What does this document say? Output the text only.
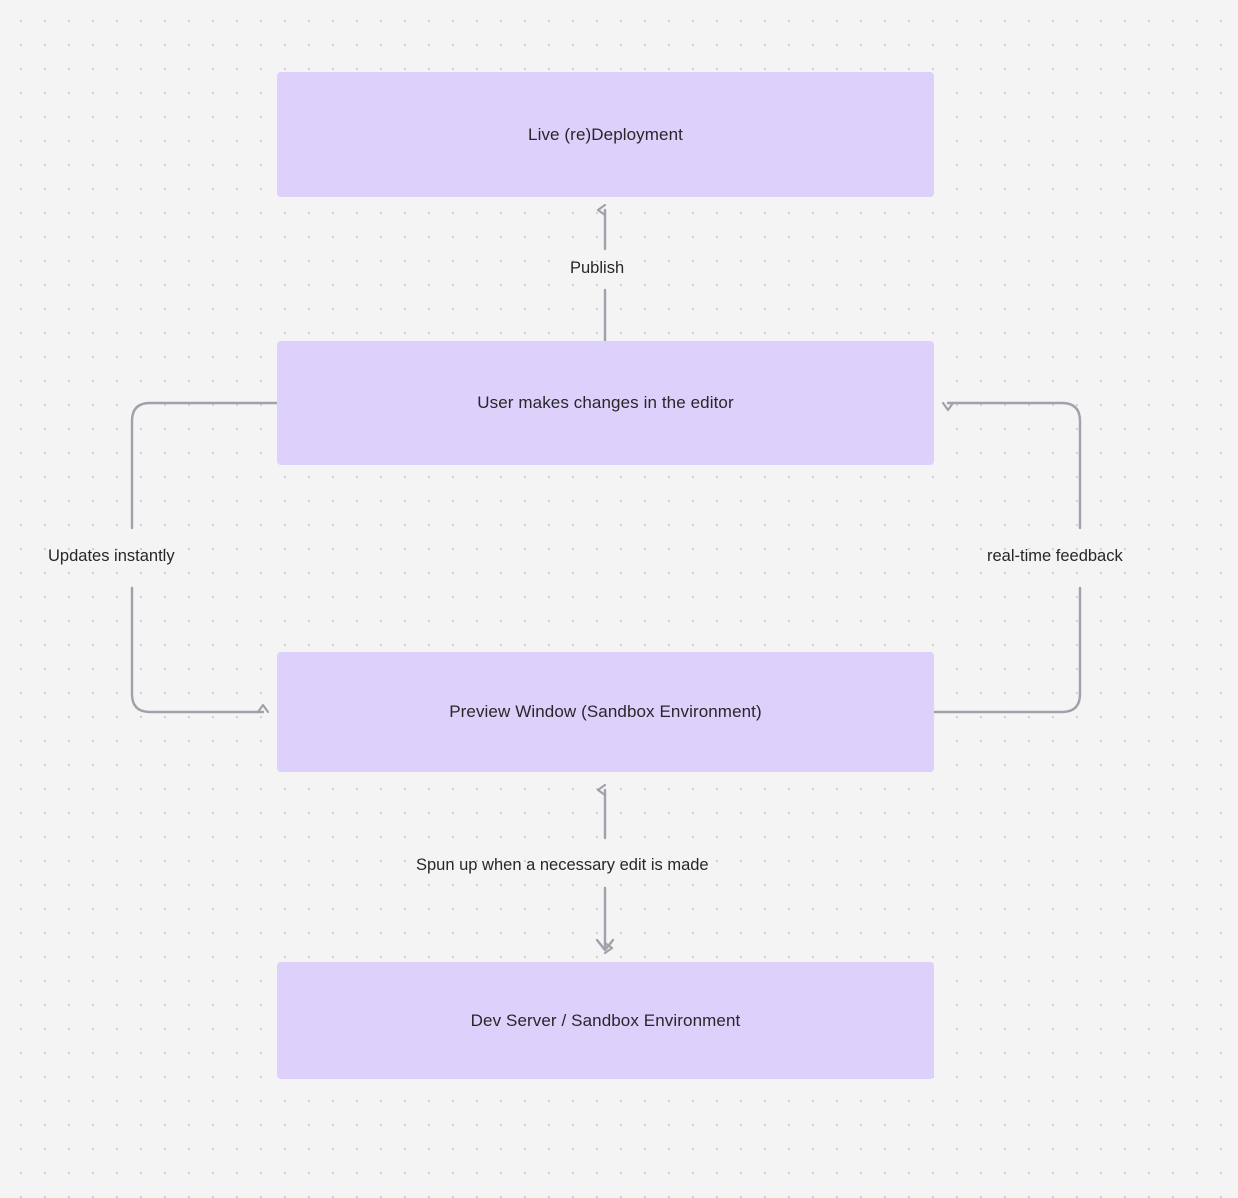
Live (re)Deployment
User makes changes in the editor
Preview Window (Sandbox Environment)
Dev Server / Sandbox Environment
Publish
Updates instantly	real-time feedback
Spun up when a necessary edit is made
